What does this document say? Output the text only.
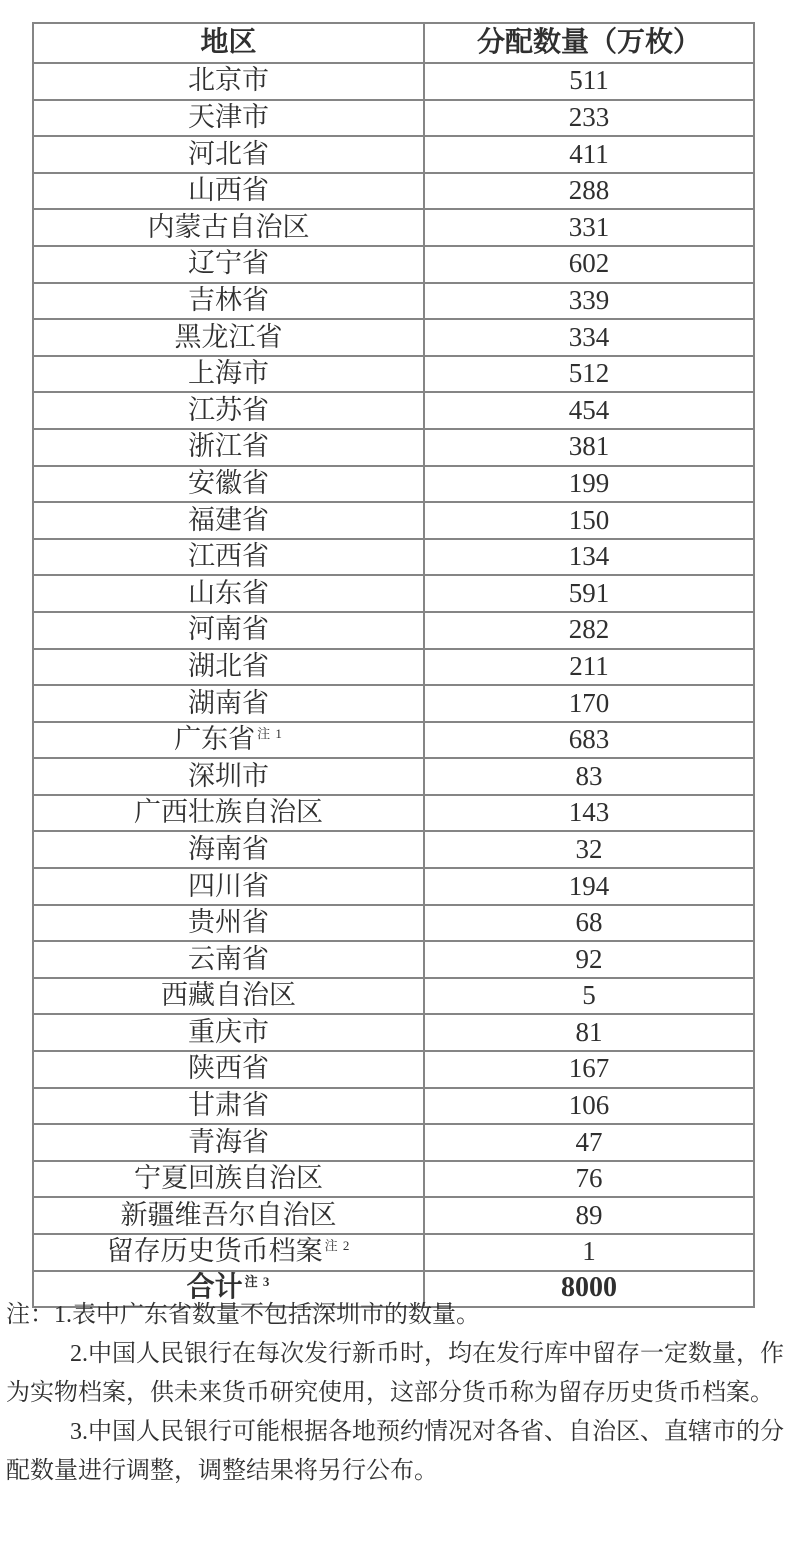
地区	分配数量（万枚）
北京市	511
天津市	233
河北省	411
山西省	288
内蒙古自治区	331
辽宁省	602
吉林省	339
黑龙江省	334
上海市	512
江苏省	454
浙江省	381
安徽省	199
福建省	150
江西省	134
山东省	591
河南省	282
湖北省	211
湖南省	170
广东省 $^{注 1}$	683
深圳市	83
广西壮族自治区	143
海南省	32
四川省	194
贵州省	68
云南省	92
西藏自治区	5
重庆市	81
陕西省	167
甘肃省	106
青海省	47
宁夏回族自治区	76
新疆维吾尔自治区	89
留存历史货币档案 $^{注 2}$	1
合计 $^{注 3}$	8000

注：1.表中广东省数量不包括深圳市的数量。

2.中国人民银行在每次发行新币时，均在发行库中留存一定数量，作为实物档案，供未来货币研究使用，这部分货币称为留存历史货币档案。

3.中国人民银行可能根据各地预约情况对各省、自治区、直辖市的分配数量进行调整，调整结果将另行公布。
